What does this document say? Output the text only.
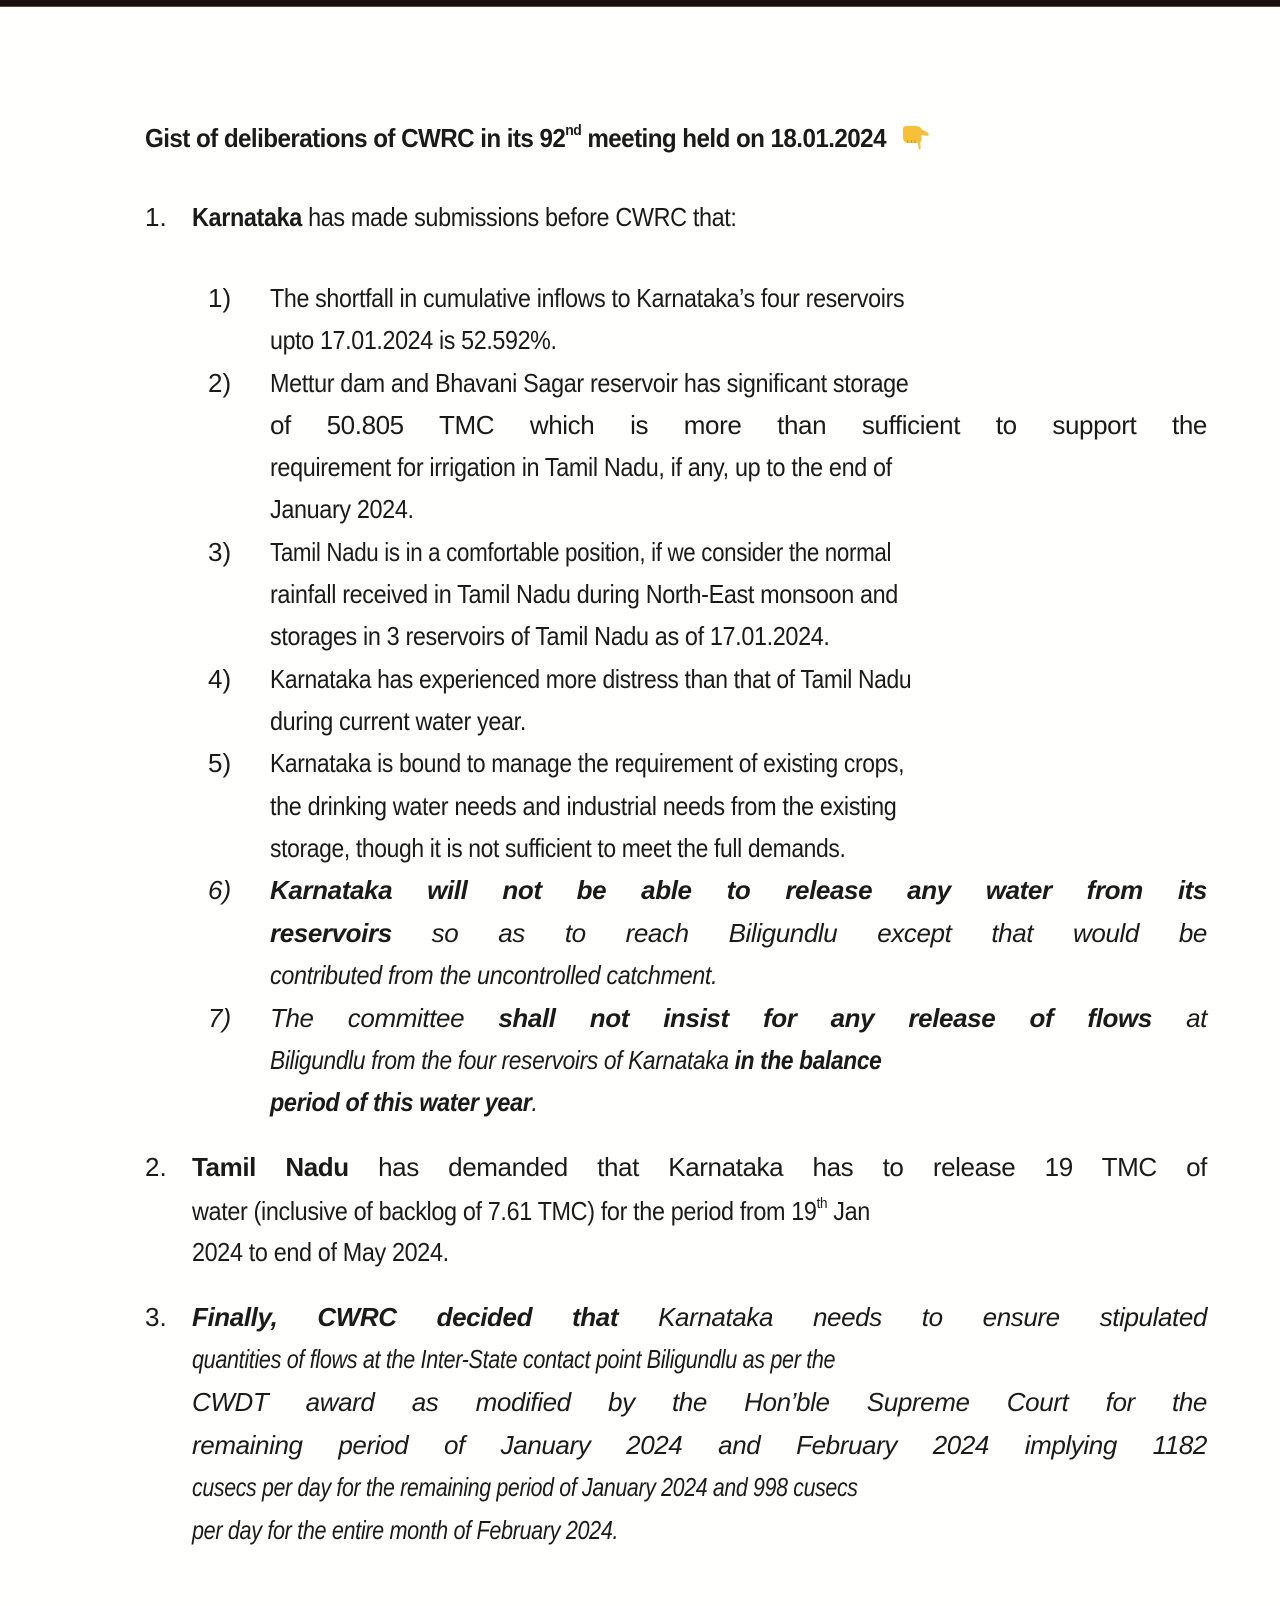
Gist of deliberations of CWRC in its 92nd meeting held on 18.01.2024
1. Karnataka has made submissions before CWRC that:
1) The shortfall in cumulative inflows to Karnataka’s four reservoirs
upto 17.01.2024 is 52.592%.
2) Mettur dam and Bhavani Sagar reservoir has significant storage
of 50.805 TMC which is more than sufficient to support the
requirement for irrigation in Tamil Nadu, if any, up to the end of
January 2024.
3) Tamil Nadu is in a comfortable position, if we consider the normal
rainfall received in Tamil Nadu during North-East monsoon and
storages in 3 reservoirs of Tamil Nadu as of 17.01.2024.
4) Karnataka has experienced more distress than that of Tamil Nadu
during current water year.
5) Karnataka is bound to manage the requirement of existing crops,
the drinking water needs and industrial needs from the existing
storage, though it is not sufficient to meet the full demands.
6) Karnataka will not be able to release any water from its
reservoirs so as to reach Biligundlu except that would be
contributed from the uncontrolled catchment.
7) The committee shall not insist for any release of flows at
Biligundlu from the four reservoirs of Karnataka in the balance
period of this water year.
2. Tamil Nadu has demanded that Karnataka has to release 19 TMC of
water (inclusive of backlog of 7.61 TMC) for the period from 19th Jan
2024 to end of May 2024.
3. Finally, CWRC decided that Karnataka needs to ensure stipulated
quantities of flows at the Inter-State contact point Biligundlu as per the
CWDT award as modified by the Hon’ble Supreme Court for the
remaining period of January 2024 and February 2024 implying 1182
cusecs per day for the remaining period of January 2024 and 998 cusecs
per day for the entire month of February 2024.
